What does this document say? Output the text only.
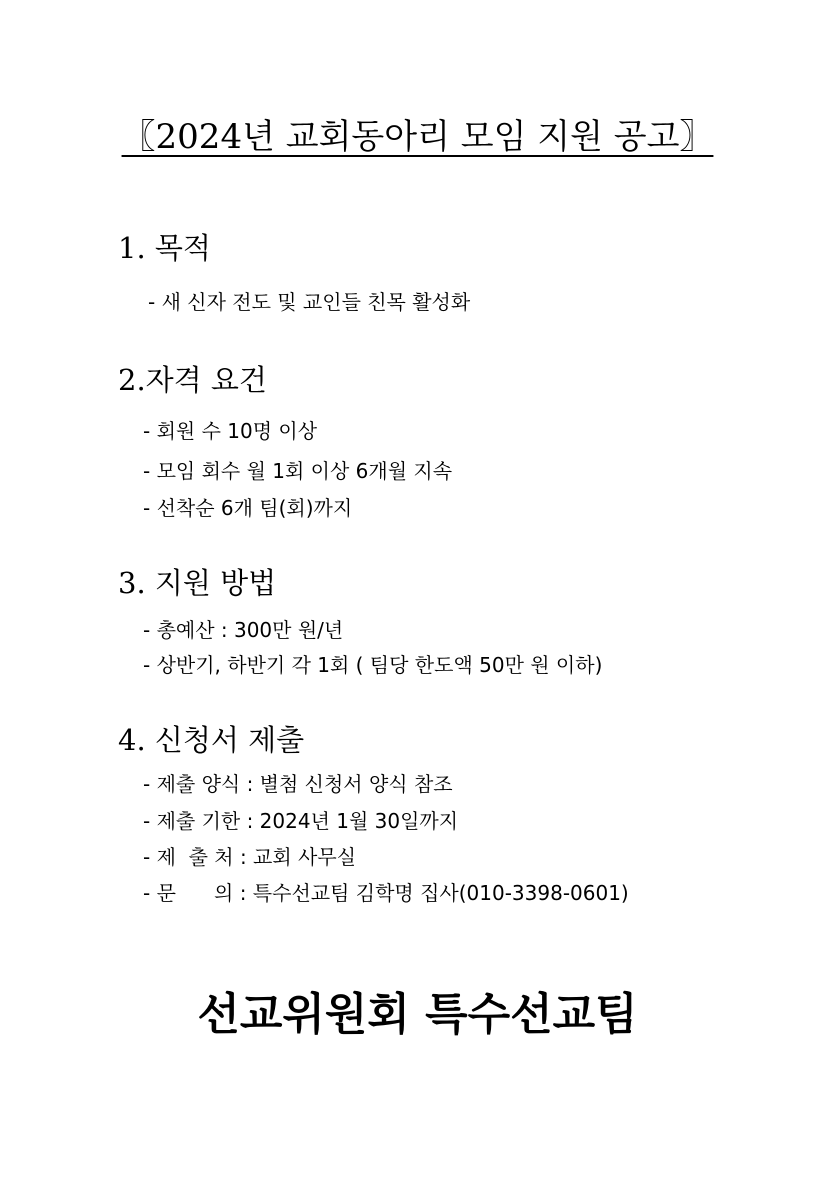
〖2024년 교회동아리 모임 지원 공고〗
1. 목적
- 새 신자 전도 및 교인들 친목 활성화
2.자격 요건
- 회원 수 10명 이상
- 모임 회수 월 1회 이상 6개월 지속
- 선착순 6개 팀(회)까지
3. 지원 방법
- 총예산 : 300만 원/년
- 상반기, 하반기 각 1회 ( 팀당 한도액 50만 원 이하)
4. 신청서 제출
- 제출 양식 : 별첨 신청서 양식 참조
- 제출 기한 : 2024년 1월 30일까지
- 제  출 처 : 교회 사무실
- 문      의 : 특수선교팀 김학명 집사(010-3398-0601)
선교위원회 특수선교팀
